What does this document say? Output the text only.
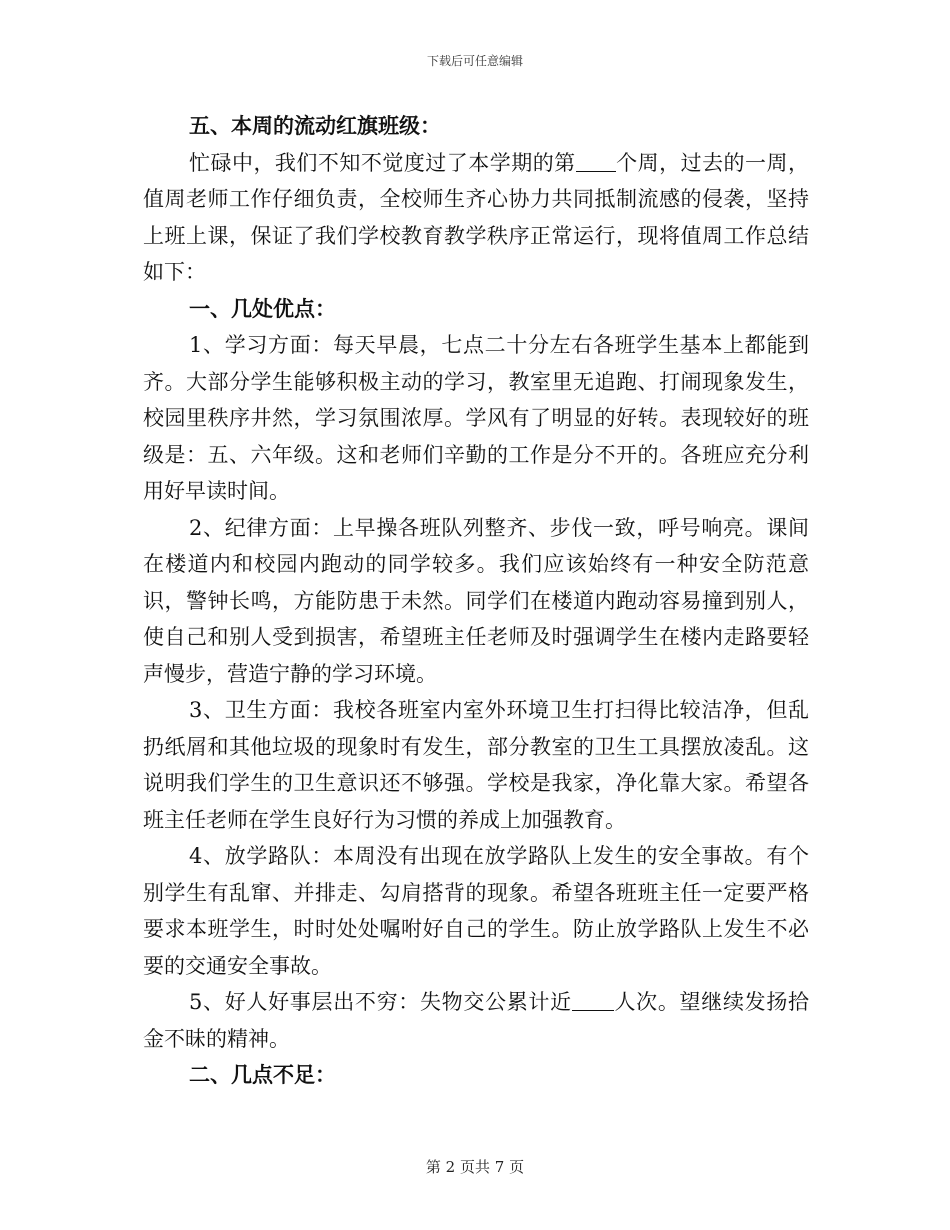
下载后可任意编辑

五、本周的流动红旗班级：

忙碌中，我们不知不觉度过了本学期的第 个周，过去的一周，值周老师工作仔细负责，全校师生齐心协力共同抵制流感的侵袭，坚持上班上课，保证了我们学校教育教学秩序正常运行，现将值周工作总结如下：

一、几处优点：

1、学习方面：每天早晨，七点二十分左右各班学生基本上都能到齐。大部分学生能够积极主动的学习，教室里无追跑、打闹现象发生，校园里秩序井然，学习氛围浓厚。学风有了明显的好转。表现较好的班级是：五、六年级。这和老师们辛勤的工作是分不开的。各班应充分利用好早读时间。

2、纪律方面：上早操各班队列整齐、步伐一致，呼号响亮。课间在楼道内和校园内跑动的同学较多。我们应该始终有一种安全防范意识，警钟长鸣，方能防患于未然。同学们在楼道内跑动容易撞到别人，使自己和别人受到损害，希望班主任老师及时强调学生在楼内走路要轻声慢步，营造宁静的学习环境。

3、卫生方面：我校各班室内室外环境卫生打扫得比较洁净，但乱扔纸屑和其他垃圾的现象时有发生，部分教室的卫生工具摆放凌乱。这说明我们学生的卫生意识还不够强。学校是我家，净化靠大家。希望各班主任老师在学生良好行为习惯的养成上加强教育。

4、放学路队：本周没有出现在放学路队上发生的安全事故。有个别学生有乱窜、并排走、勾肩搭背的现象。希望各班班主任一定要严格要求本班学生，时时处处嘱咐好自己的学生。防止放学路队上发生不必要的交通安全事故。

5、好人好事层出不穷：失物交公累计近 人次。望继续发扬拾金不昧的精神。

二、几点不足：

第 2 页共 7 页
